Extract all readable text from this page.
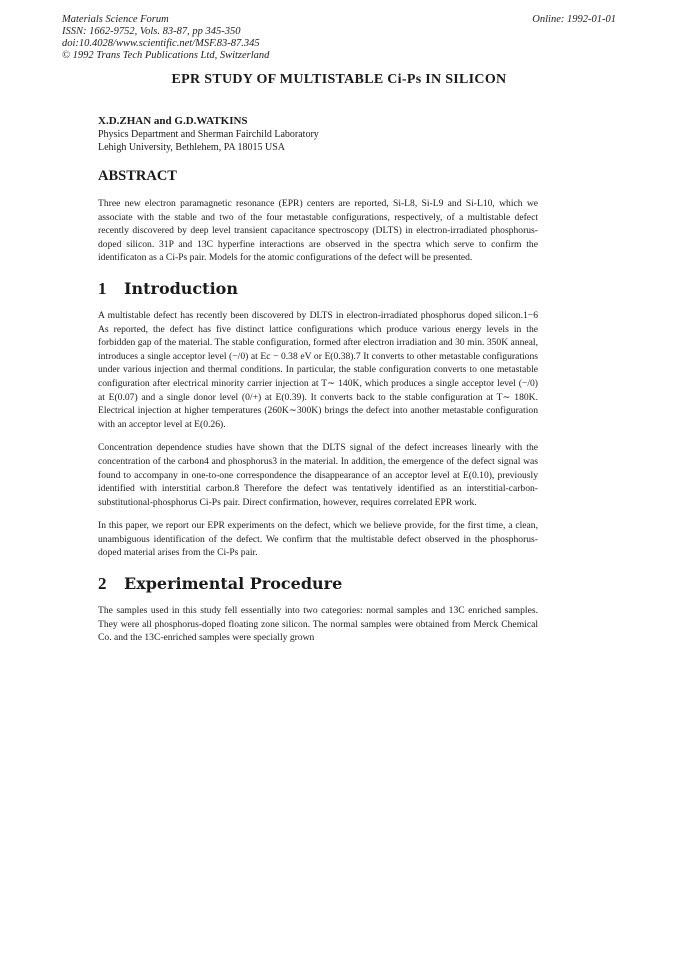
Materials Science Forum
ISSN: 1662-9752, Vols. 83-87, pp 345-350
doi:10.4028/www.scientific.net/MSF.83-87.345
© 1992 Trans Tech Publications Ltd, Switzerland
Online: 1992-01-01
EPR STUDY OF MULTISTABLE Ci-Ps IN SILICON
X.D.ZHAN and G.D.WATKINS
Physics Department and Sherman Fairchild Laboratory
Lehigh University, Bethlehem, PA 18015 USA
ABSTRACT

Three new electron paramagnetic resonance (EPR) centers are reported, Si-L8, Si-L9 and Si-L10, which we associate with the stable and two of the four metastable configurations, respectively, of a multistable defect recently discovered by deep level transient capacitance spectroscopy (DLTS) in electron-irradiated phosphorus-doped silicon. 31P and 13C hyperfine interactions are observed in the spectra which serve to confirm the identificaton as a Ci-Ps pair. Models for the atomic configurations of the defect will be presented.

1 Introduction

A multistable defect has recently been discovered by DLTS in electron-irradiated phosphorus doped silicon.1−6 As reported, the defect has five distinct lattice configurations which produce various energy levels in the forbidden gap of the material. The stable configuration, formed after electron irradiation and 30 min. 350K anneal, introduces a single acceptor level (−/0) at Ec − 0.38 eV or E(0.38).7 It converts to other metastable configurations under various injection and thermal conditions. In particular, the stable configuration converts to one metastable configuration after electrical minority carrier injection at T∼ 140K, which produces a single acceptor level (−/0) at E(0.07) and a single donor level (0/+) at E(0.39). It converts back to the stable configuration at T∼ 180K. Electrical injection at higher temperatures (260K∼300K) brings the defect into another metastable configuration with an acceptor level at E(0.26).

Concentration dependence studies have shown that the DLTS signal of the defect increases linearly with the concentration of the carbon4 and phosphorus3 in the material. In addition, the emergence of the defect signal was found to accompany in one-to-one correspondence the disappearance of an acceptor level at E(0.10), previously identified with interstitial carbon.8 Therefore the defect was tentatively identified as an interstitial-carbon-substitutional-phosphorus Ci-Ps pair. Direct confirmation, however, requires correlated EPR work.

In this paper, we report our EPR experiments on the defect, which we believe provide, for the first time, a clean, unambiguous identification of the defect. We confirm that the multistable defect observed in the phosphorus-doped material arises from the Ci-Ps pair.

2 Experimental Procedure

The samples used in this study fell essentially into two categories: normal samples and 13C enriched samples. They were all phosphorus-doped floating zone silicon. The normal samples were obtained from Merck Chemical Co. and the 13C-enriched samples were specially grown
